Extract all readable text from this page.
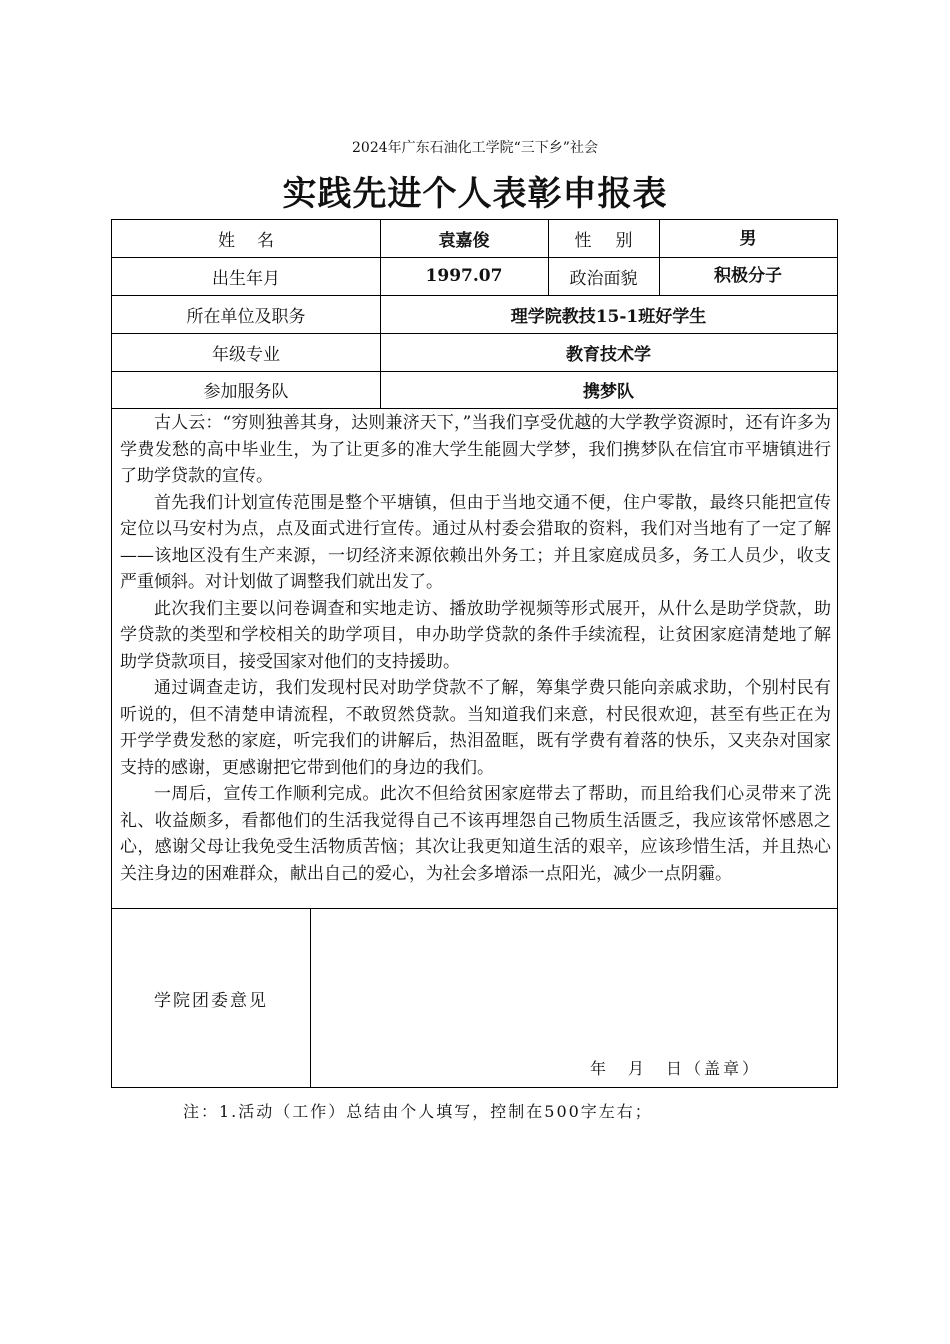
2024年广东石油化工学院“三下乡”社会
实践先进个人表彰申报表
姓名	袁嘉俊	性别	男
出生年月	1997.07	政治面貌	积极分子
所在单位及职务	理学院教技15-1班好学生
年级专业	教育技术学
参加服务队	携梦队

古人云：“穷则独善其身，达则兼济天下，”当我们享受优越的大学教学资源时，还有许多为学费发愁的高中毕业生，为了让更多的准大学生能圆大学梦，我们携梦队在信宜市平塘镇进行了助学贷款的宣传。

首先我们计划宣传范围是整个平塘镇，但由于当地交通不便，住户零散，最终只能把宣传定位以马安村为点，点及面式进行宣传。通过从村委会猎取的资料，我们对当地有了一定了解——该地区没有生产来源，一切经济来源依赖出外务工；并且家庭成员多，务工人员少，收支严重倾斜。对计划做了调整我们就出发了。

此次我们主要以问卷调查和实地走访、播放助学视频等形式展开，从什么是助学贷款，助学贷款的类型和学校相关的助学项目，申办助学贷款的条件手续流程，让贫困家庭清楚地了解助学贷款项目，接受国家对他们的支持援助。

通过调查走访，我们发现村民对助学贷款不了解，筹集学费只能向亲戚求助，个别村民有听说的，但不清楚申请流程，不敢贸然贷款。当知道我们来意，村民很欢迎，甚至有些正在为开学学费发愁的家庭，听完我们的讲解后，热泪盈眶，既有学费有着落的快乐，又夹杂对国家支持的感谢，更感谢把它带到他们的身边的我们。

一周后，宣传工作顺利完成。此次不但给贫困家庭带去了帮助，而且给我们心灵带来了洗礼、收益颇多，看都他们的生活我觉得自己不该再埋怨自己物质生活匮乏，我应该常怀感恩之心，感谢父母让我免受生活物质苦恼；其次让我更知道生活的艰辛，应该珍惜生活，并且热心关注身边的困难群众，献出自己的爱心，为社会多增添一点阳光，减少一点阴霾。

学院团委意见
年 月 日（盖章）
注：1.活动（工作）总结由个人填写，控制在500字左右；
